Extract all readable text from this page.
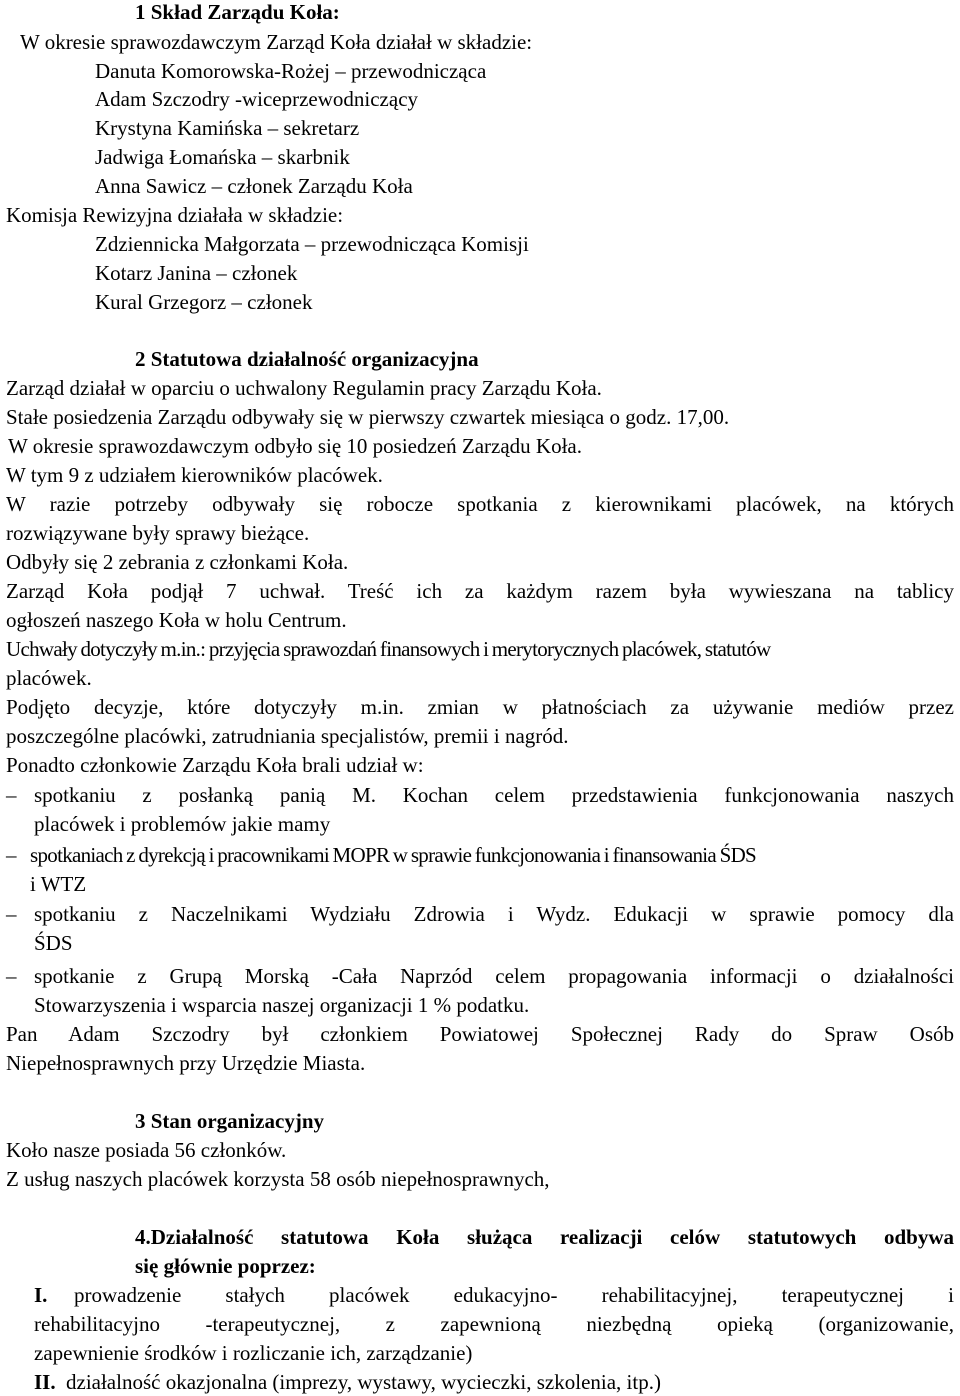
1 Skład Zarządu Koła:
W okresie sprawozdawczym Zarząd Koła działał w składzie:
Danuta Komorowska-Rożej – przewodnicząca
Adam Szczodry -wiceprzewodniczący
Krystyna Kamińska – sekretarz
Jadwiga Łomańska – skarbnik
Anna Sawicz – członek Zarządu Koła
Komisja Rewizyjna działała w składzie:
Zdziennicka Małgorzata – przewodnicząca Komisji
Kotarz Janina – członek
Kural Grzegorz – członek
2 Statutowa działalność organizacyjna
Zarząd działał w oparciu o uchwalony Regulamin pracy Zarządu Koła.
Stałe posiedzenia Zarządu odbywały się w pierwszy czwartek miesiąca o godz. 17,00.
W okresie sprawozdawczym odbyło się 10 posiedzeń Zarządu Koła.
W tym 9 z udziałem kierowników placówek.
W razie potrzeby odbywały się robocze spotkania z kierownikami placówek, na których
rozwiązywane były sprawy bieżące.
Odbyły się 2 zebrania z członkami Koła.
Zarząd Koła podjął 7 uchwał. Treść ich za każdym razem była wywieszana na tablicy
ogłoszeń naszego Koła w holu Centrum.
Uchwały dotyczyły m.in.: przyjęcia sprawozdań finansowych i merytorycznych placówek, statutów
placówek.
Podjęto decyzje, które dotyczyły m.in. zmian w płatnościach za używanie mediów przez
poszczególne placówki, zatrudniania specjalistów, premii i nagród.
Ponadto członkowie Zarządu Koła brali udział w:
– spotkaniu z posłanką panią M. Kochan celem przedstawienia funkcjonowania naszych
placówek i problemów jakie mamy
– spotkaniach z dyrekcją i pracownikami MOPR w sprawie funkcjonowania i finansowania ŚDS
i WTZ
– spotkaniu z Naczelnikami Wydziału Zdrowia i Wydz. Edukacji w sprawie pomocy dla
ŚDS
– spotkanie z Grupą Morską -Cała Naprzód celem propagowania informacji o działalności
Stowarzyszenia i wsparcia naszej organizacji 1 % podatku.
Pan Adam Szczodry był członkiem Powiatowej Społecznej Rady do Spraw Osób
Niepełnosprawnych przy Urzędzie Miasta.
3 Stan organizacyjny
Koło nasze posiada 56 członków.
Z usług naszych placówek korzysta 58 osób niepełnosprawnych,
4.Działalność statutowa Koła służąca realizacji celów statutowych odbywa
się głównie poprzez:
I. prowadzenie stałych placówek edukacyjno- rehabilitacyjnej, terapeutycznej i
rehabilitacyjno -terapeutycznej, z zapewnioną niezbędną opieką (organizowanie,
zapewnienie środków i rozliczanie ich, zarządzanie)
II. działalność okazjonalna (imprezy, wystawy, wycieczki, szkolenia, itp.)
